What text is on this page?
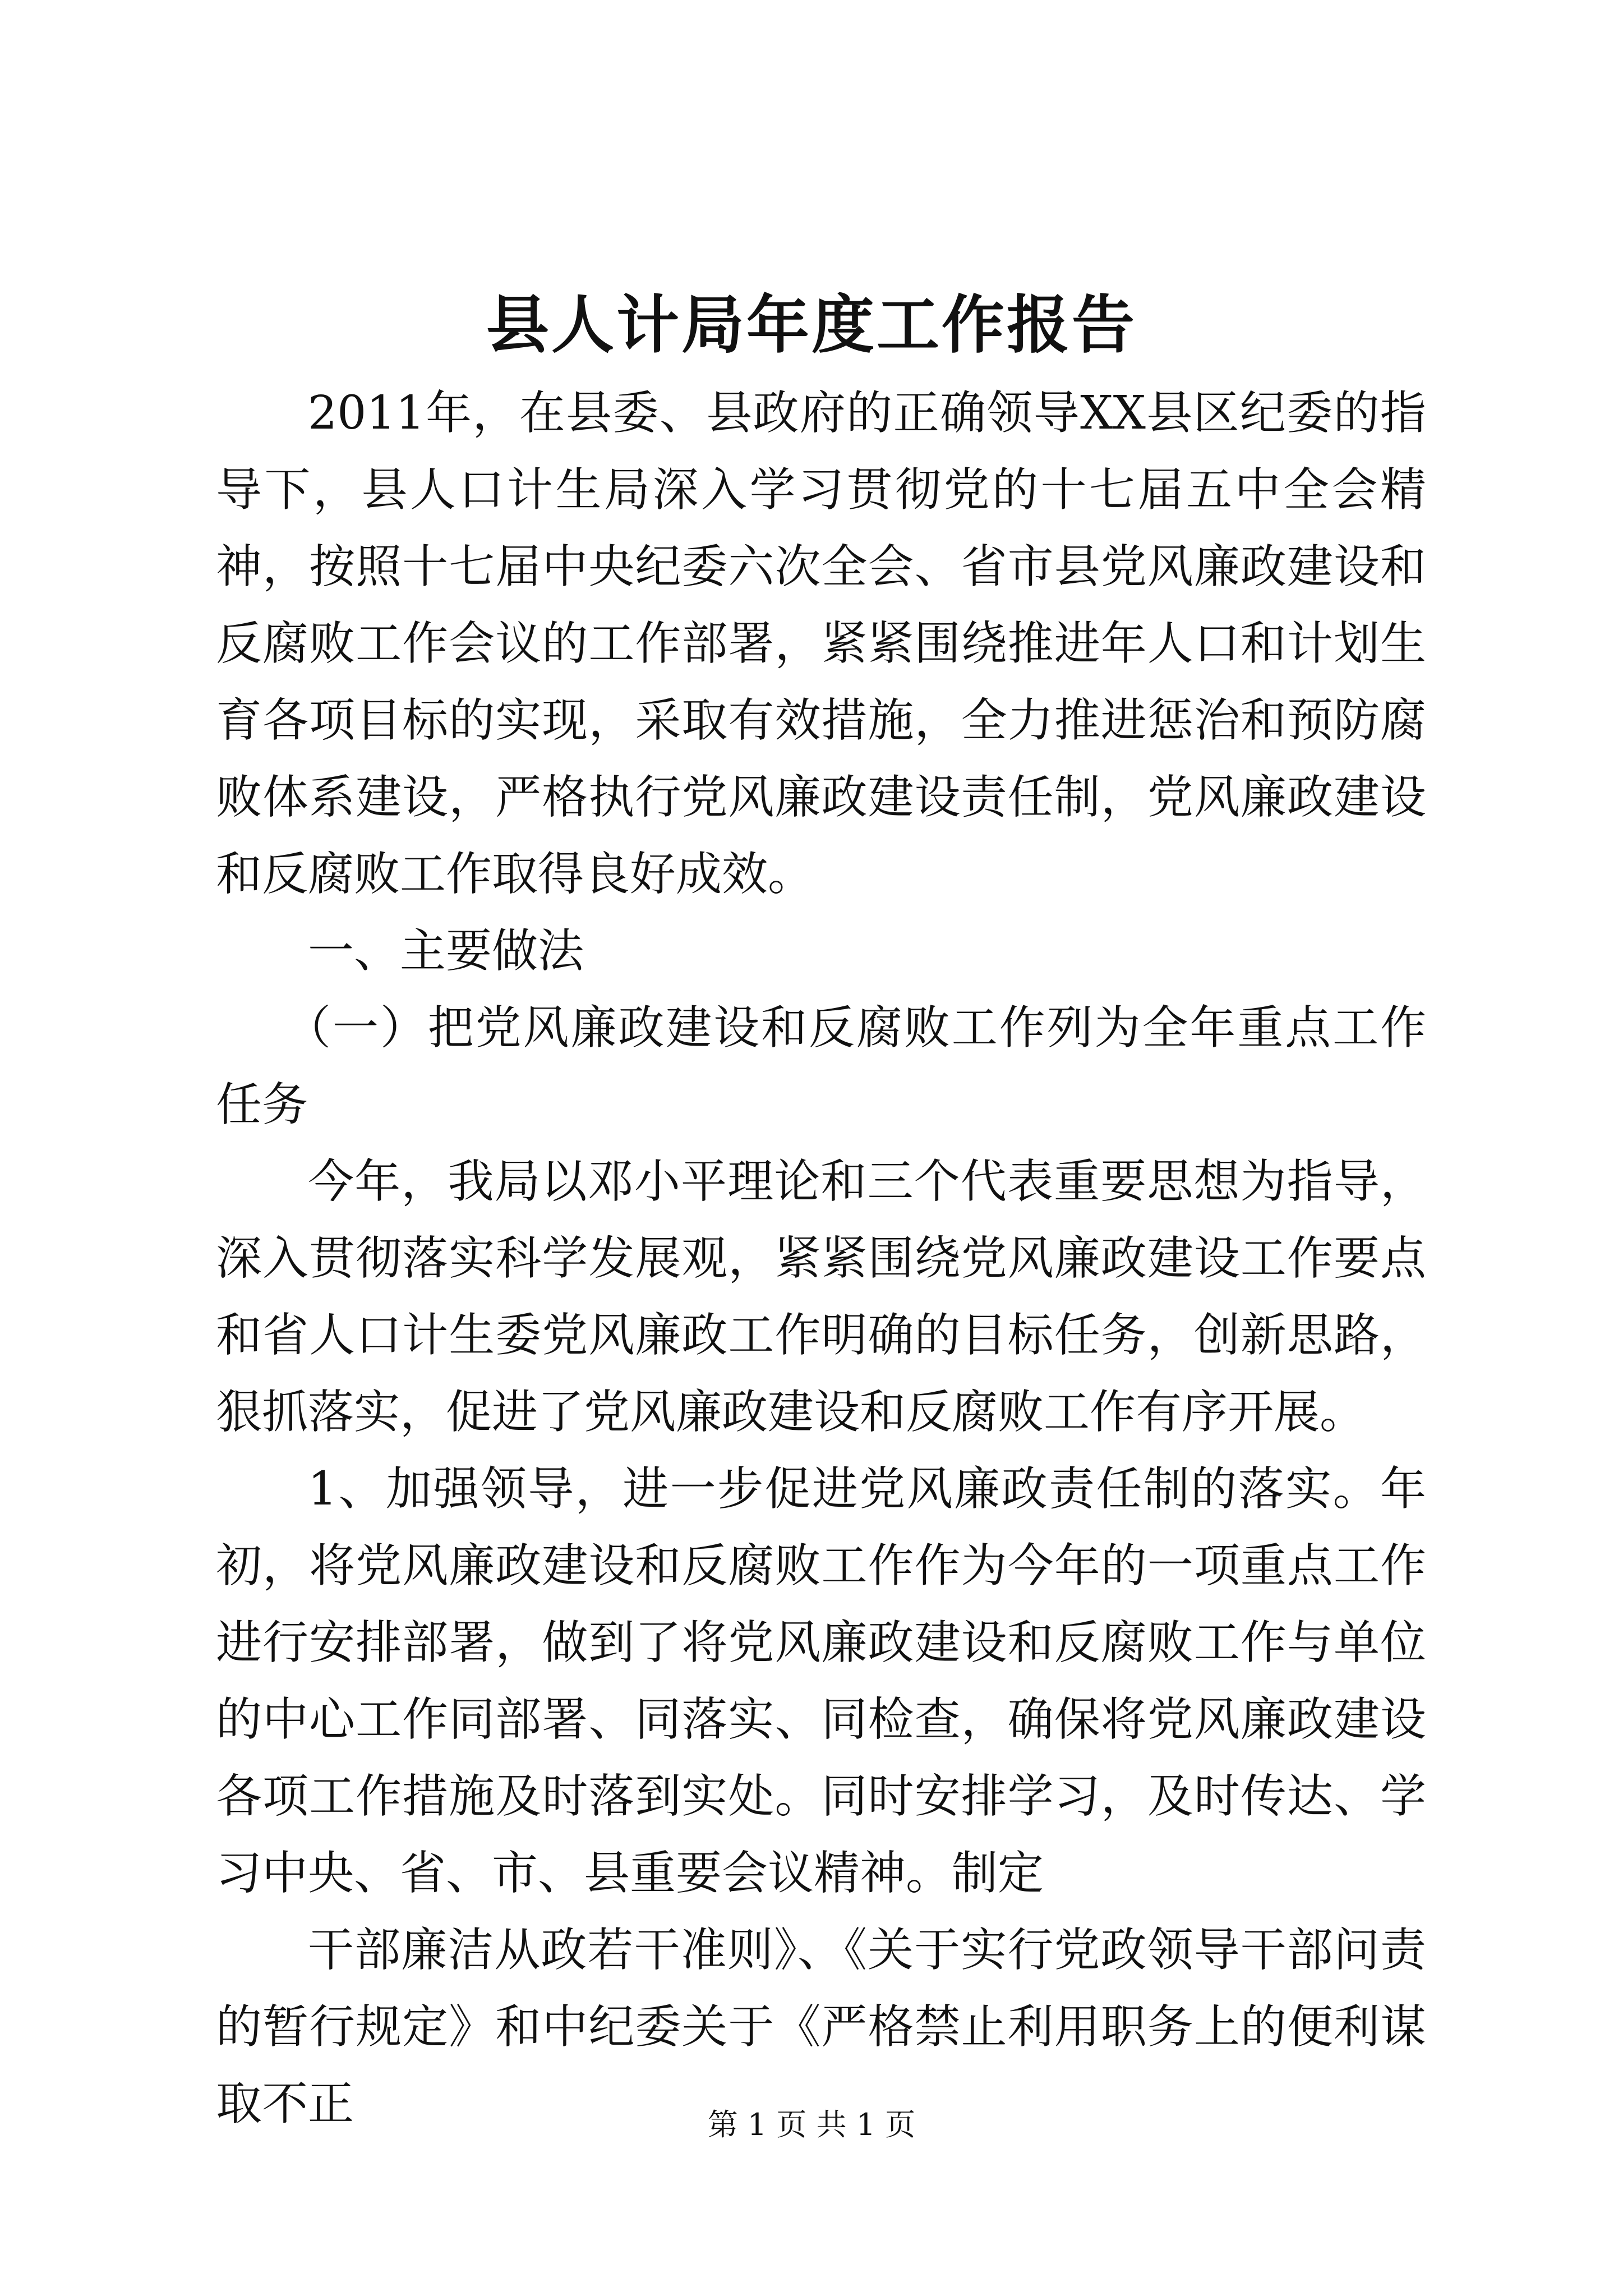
县人计局年度工作报告

2011年，在县委、县政府的正确领导XX县区纪委的指导下，县人口计生局深入学习贯彻党的十七届五中全会精神，按照十七届中央纪委六次全会、省市县党风廉政建设和反腐败工作会议的工作部署，紧紧围绕推进年人口和计划生育各项目标的实现，采取有效措施，全力推进惩治和预防腐败体系建设，严格执行党风廉政建设责任制，党风廉政建设和反腐败工作取得良好成效。

一、主要做法

（一）把党风廉政建设和反腐败工作列为全年重点工作任务

今年，我局以邓小平理论和三个代表重要思想为指导，深入贯彻落实科学发展观，紧紧围绕党风廉政建设工作要点和省人口计生委党风廉政工作明确的目标任务，创新思路，狠抓落实，促进了党风廉政建设和反腐败工作有序开展。

1、加强领导，进一步促进党风廉政责任制的落实。年初，将党风廉政建设和反腐败工作作为今年的一项重点工作进行安排部署，做到了将党风廉政建设和反腐败工作与单位的中心工作同部署、同落实、同检查，确保将党风廉政建设各项工作措施及时落到实处。同时安排学习，及时传达、学习中央、省、市、县重要会议精神。制定

干部廉洁从政若干准则》、《关于实行党政领导干部问责的暂行规定》和中纪委关于《严格禁止利用职务上的便利谋取不正	第 1 页 共 1 页
